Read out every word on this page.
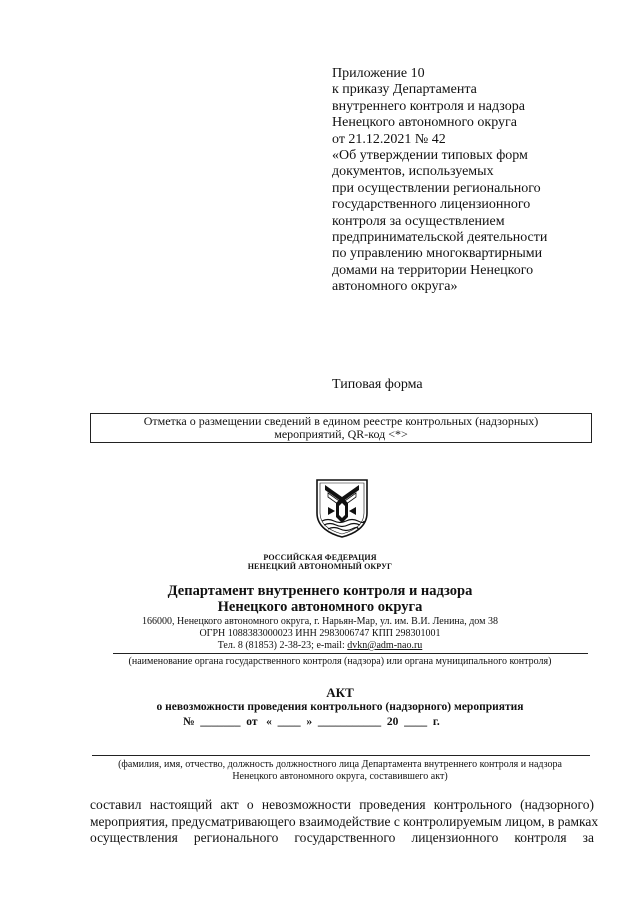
Приложение 10
к приказу Департамента
внутреннего контроля и надзора
Ненецкого автономного округа
от 21.12.2021 № 42
«Об утверждении типовых форм
документов, используемых
при осуществлении регионального
государственного лицензионного
контроля за осуществлением
предпринимательской деятельности
по управлению многоквартирными
домами на территории Ненецкого
автономного округа»
Типовая форма
Отметка о размещении сведений в едином реестре контрольных (надзорных)
мероприятий, QR-код <*>
РОССИЙСКАЯ ФЕДЕРАЦИЯ
НЕНЕЦКИЙ АВТОНОМНЫЙ ОКРУГ
Департамент внутреннего контроля и надзора
Ненецкого автономного округа
166000, Ненецкого автономного округа, г. Нарьян-Мар, ул. им. В.И. Ленина, дом 38
ОГРН 1088383000023 ИНН 2983006747 КПП 298301001
Тел. 8 (81853) 2-38-23; e-mail: dvkn@adm-nao.ru
(наименование органа государственного контроля (надзора) или органа муниципального контроля)
АКТ
о невозможности проведения контрольного (надзорного) мероприятия
№  _______  от   «  ____  »  ___________  20  ____  г.
(фамилия, имя, отчество, должность должностного лица Департамента внутреннего контроля и надзора
Ненецкого автономного округа, составившего акт)
составил настоящий акт о невозможности проведения контрольного (надзорного)
мероприятия, предусматривающего взаимодействие с контролируемым лицом, в рамках
осуществления регионального государственного лицензионного контроля за
